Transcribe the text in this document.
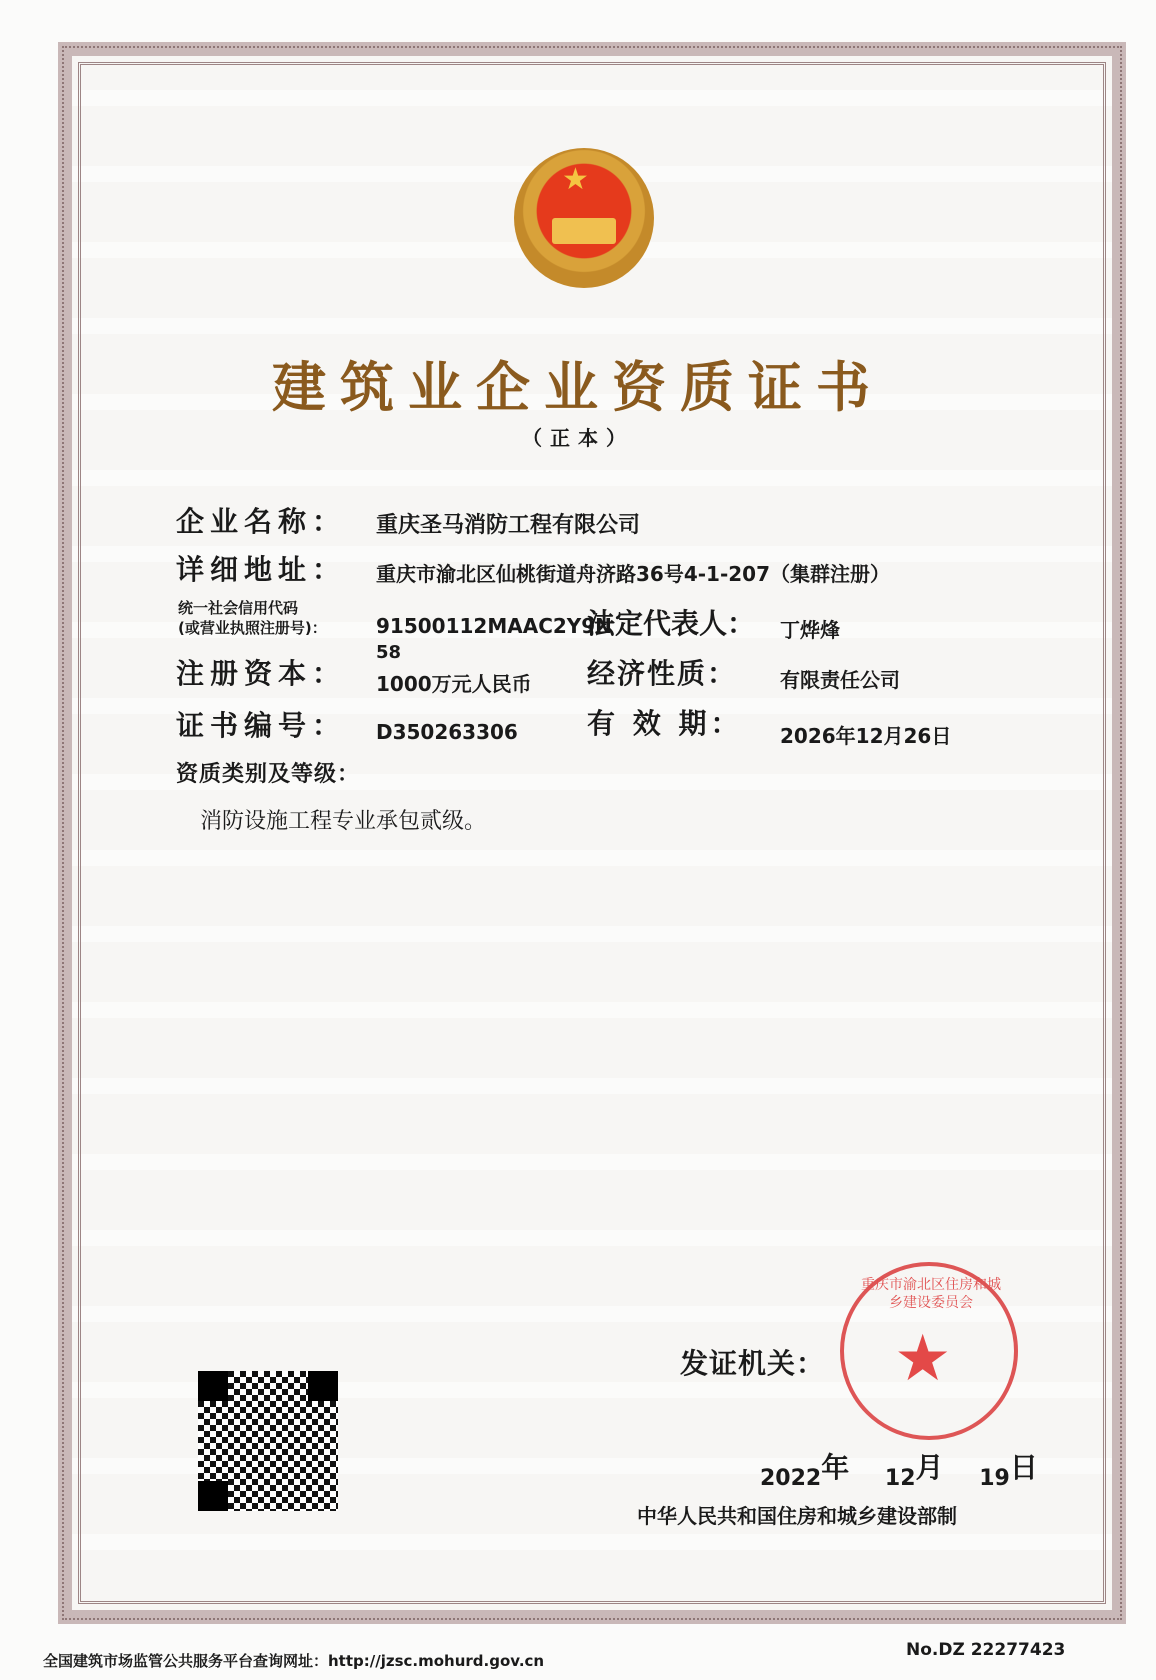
★
建筑业企业资质证书
（正本）
企业名称： 重庆圣马消防工程有限公司
详细地址： 重庆市渝北区仙桃街道舟济路36号4-1-207（集群注册）
统一社会信用代码
(或营业执照注册号)： 91500112MAAC2Y9N
法定代表人： 丁烨烽
注册资本：
58
1000万元人民币 经济性质： 有限责任公司
证书编号： D350263306 有 效 期： 2026年12月26日
资质类别及等级：
消防设施工程专业承包贰级。
发证机关：
重庆市渝北区住房和城乡建设委员会
★
2022年 12月 19日
中华人民共和国住房和城乡建设部制
全国建筑市场监管公共服务平台查询网址：http://jzsc.mohurd.gov.cn
No.DZ 22277423
